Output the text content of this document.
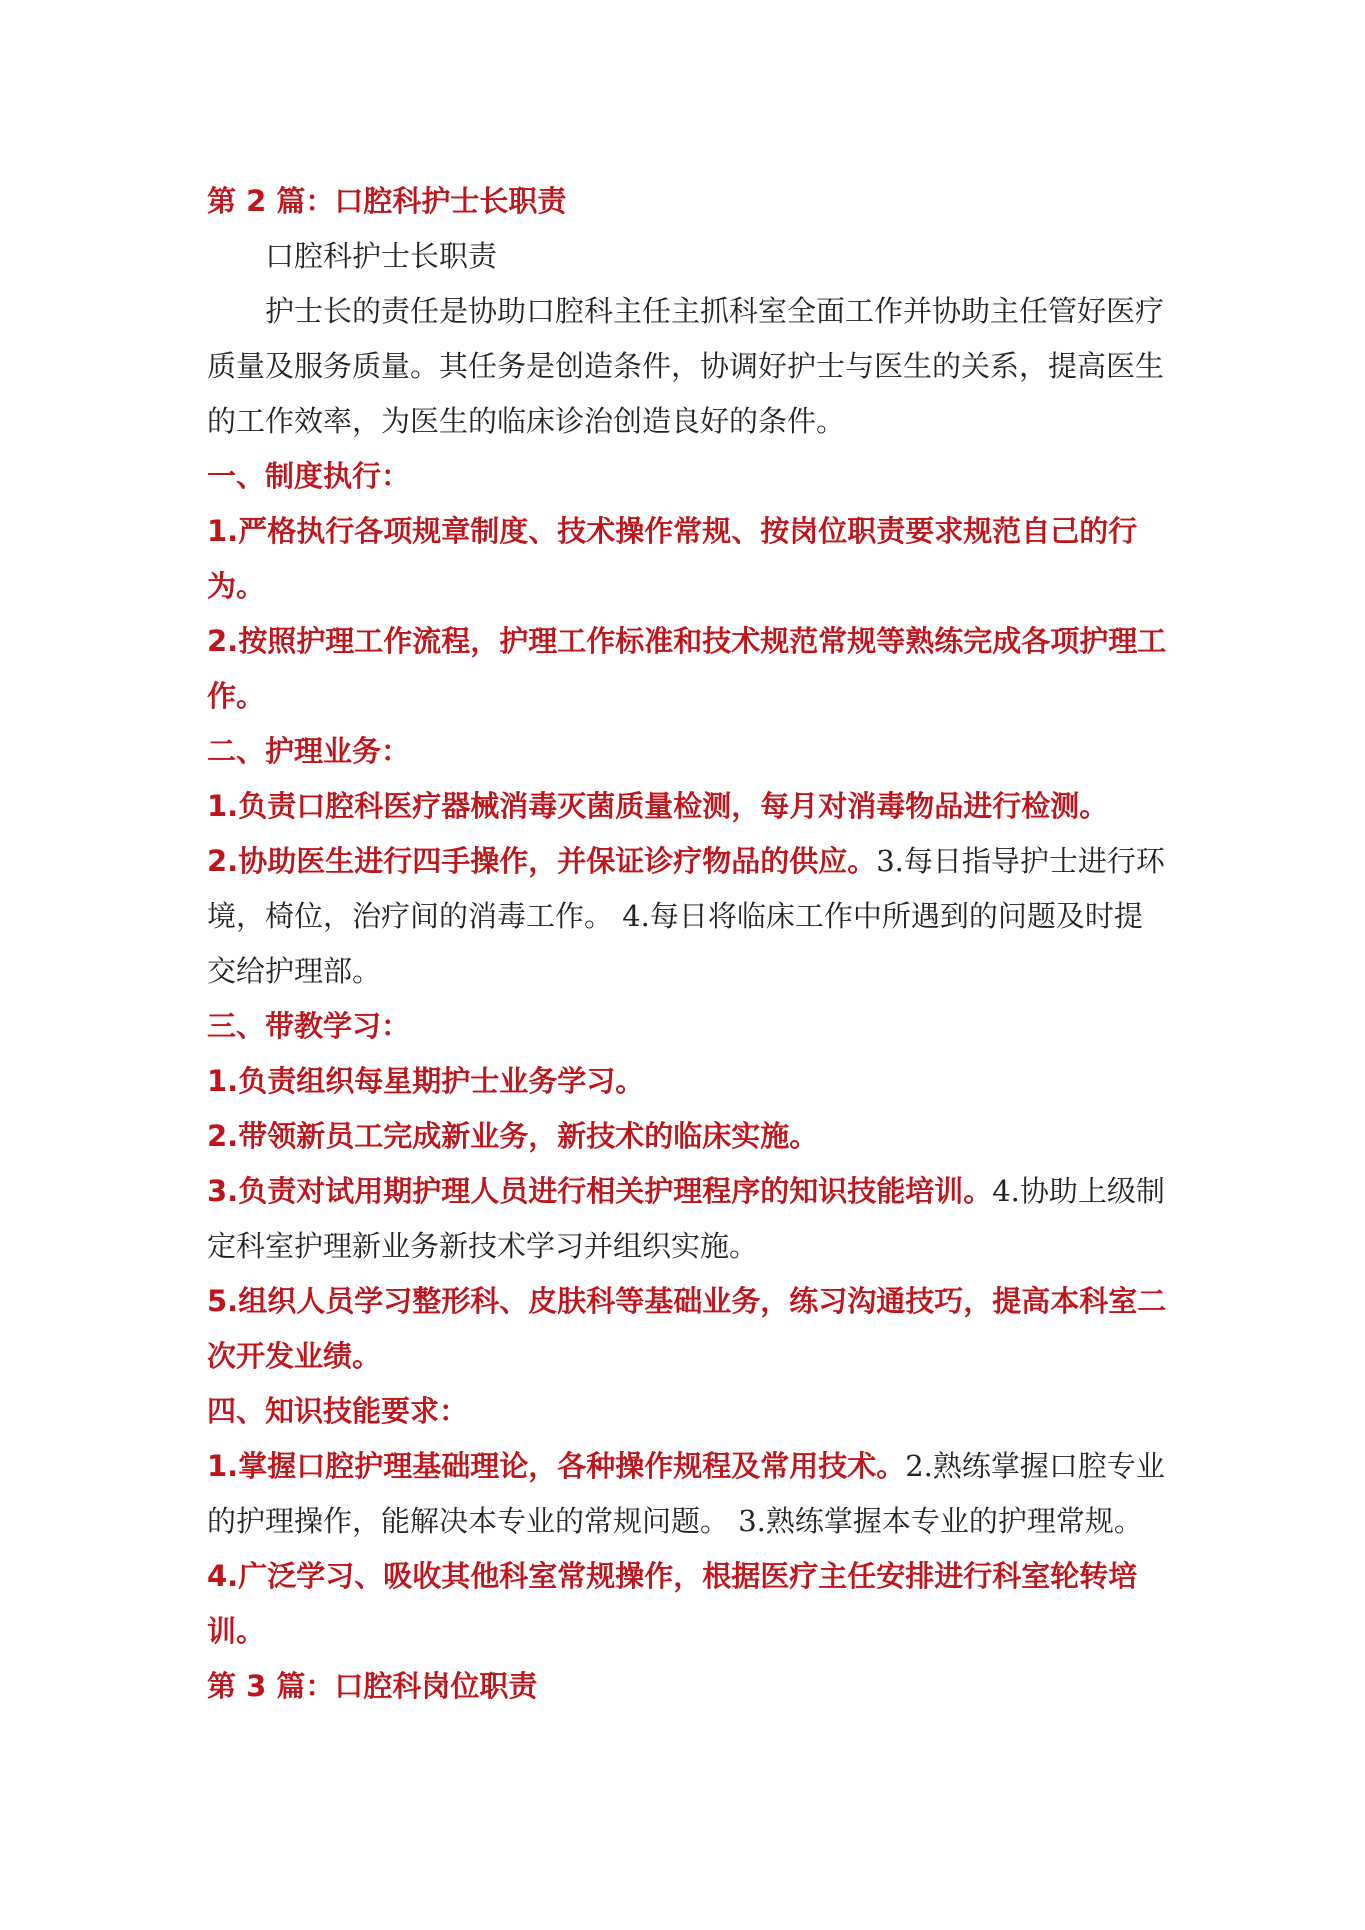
第 2 篇：口腔科护士长职责

口腔科护士长职责

护士长的责任是协助口腔科主任主抓科室全面工作并协助主任管好医疗质量及服务质量。其任务是创造条件，协调好护士与医生的关系，提高医生的工作效率，为医生的临床诊治创造良好的条件。

一、制度执行：

1.严格执行各项规章制度、技术操作常规、按岗位职责要求规范自己的行为。

2.按照护理工作流程，护理工作标准和技术规范常规等熟练完成各项护理工作。

二、护理业务：

1.负责口腔科医疗器械消毒灭菌质量检测，每月对消毒物品进行检测。

2.协助医生进行四手操作，并保证诊疗物品的供应。3.每日指导护士进行环境，椅位，治疗间的消毒工作。 4.每日将临床工作中所遇到的问题及时提交给护理部。

三、带教学习：

1.负责组织每星期护士业务学习。

2.带领新员工完成新业务，新技术的临床实施。

3.负责对试用期护理人员进行相关护理程序的知识技能培训。4.协助上级制定科室护理新业务新技术学习并组织实施。

5.组织人员学习整形科、皮肤科等基础业务，练习沟通技巧，提高本科室二次开发业绩。

四、知识技能要求：

1.掌握口腔护理基础理论，各种操作规程及常用技术。2.熟练掌握口腔专业的护理操作，能解决本专业的常规问题。 3.熟练掌握本专业的护理常规。

4.广泛学习、吸收其他科室常规操作，根据医疗主任安排进行科室轮转培训。

第 3 篇：口腔科岗位职责
